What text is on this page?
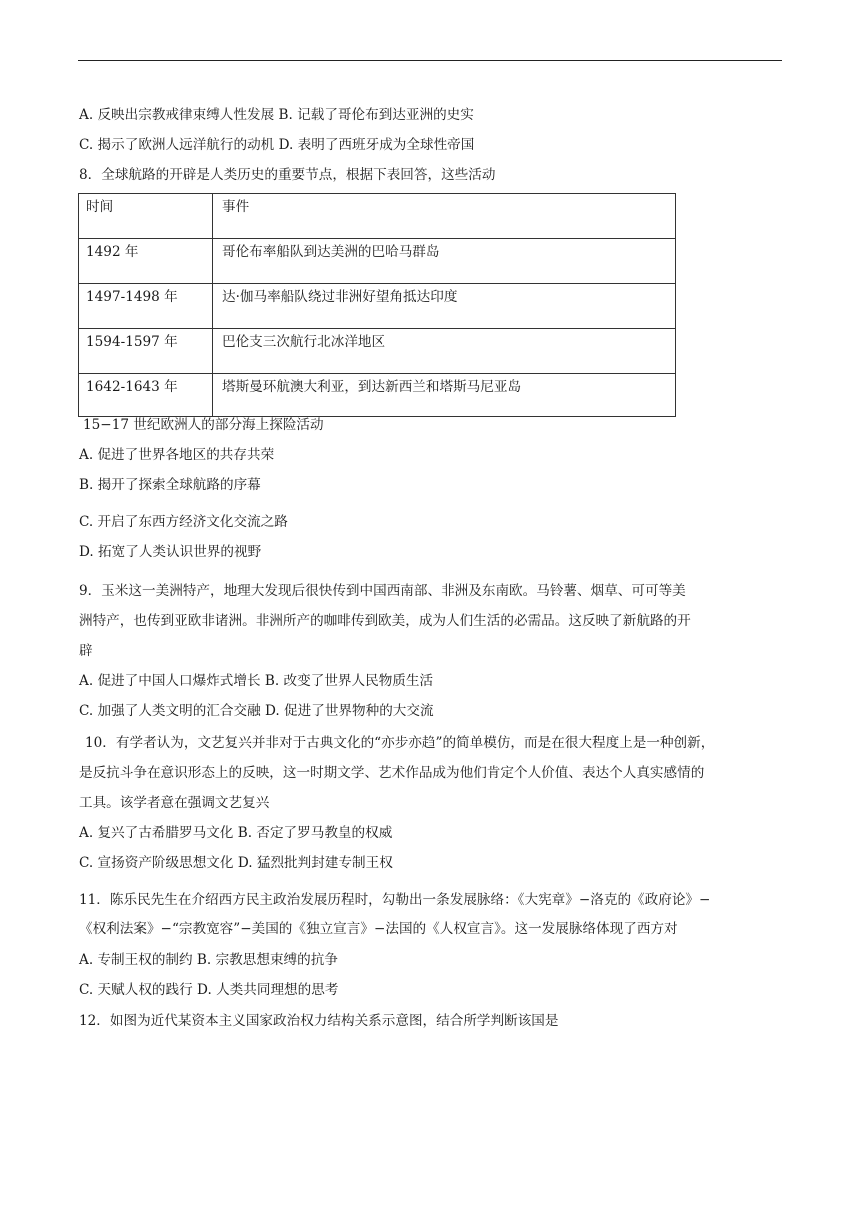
A. 反映出宗教戒律束缚人性发展 B. 记载了哥伦布到达亚洲的史实
C. 揭示了欧洲人远洋航行的动机 D. 表明了西班牙成为全球性帝国
8．全球航路的开辟是人类历史的重要节点，根据下表回答，这些活动
时间	事件

1492 年	哥伦布率船队到达美洲的巴哈马群岛

1497-1498 年	达·伽马率船队绕过非洲好望角抵达印度

1594-1597 年	巴伦支三次航行北冰洋地区

1642-1643 年	塔斯曼环航澳大利亚，到达新西兰和塔斯马尼亚岛
15−17 世纪欧洲人的部分海上探险活动
A. 促进了世界各地区的共存共荣
B. 揭开了探索全球航路的序幕
C. 开启了东西方经济文化交流之路
D. 拓宽了人类认识世界的视野
9．玉米这一美洲特产，地理大发现后很快传到中国西南部、非洲及东南欧。马铃薯、烟草、可可等美
洲特产，也传到亚欧非诸洲。非洲所产的咖啡传到欧美，成为人们生活的必需品。这反映了新航路的开
辟
A. 促进了中国人口爆炸式增长 B. 改变了世界人民物质生活
C. 加强了人类文明的汇合交融 D. 促进了世界物种的大交流
10．有学者认为，文艺复兴并非对于古典文化的“亦步亦趋”的简单模仿，而是在很大程度上是一种创新，
是反抗斗争在意识形态上的反映，这一时期文学、艺术作品成为他们肯定个人价值、表达个人真实感情的
工具。该学者意在强调文艺复兴
A. 复兴了古希腊罗马文化 B. 否定了罗马教皇的权威
C. 宣扬资产阶级思想文化 D. 猛烈批判封建专制王权
11．陈乐民先生在介绍西方民主政治发展历程时，勾勒出一条发展脉络：《大宪章》−洛克的《政府论》−
《权利法案》−“宗教宽容”−美国的《独立宣言》−法国的《人权宣言》。这一发展脉络体现了西方对
A. 专制王权的制约 B. 宗教思想束缚的抗争
C. 天赋人权的践行 D. 人类共同理想的思考
12．如图为近代某资本主义国家政治权力结构关系示意图，结合所学判断该国是
